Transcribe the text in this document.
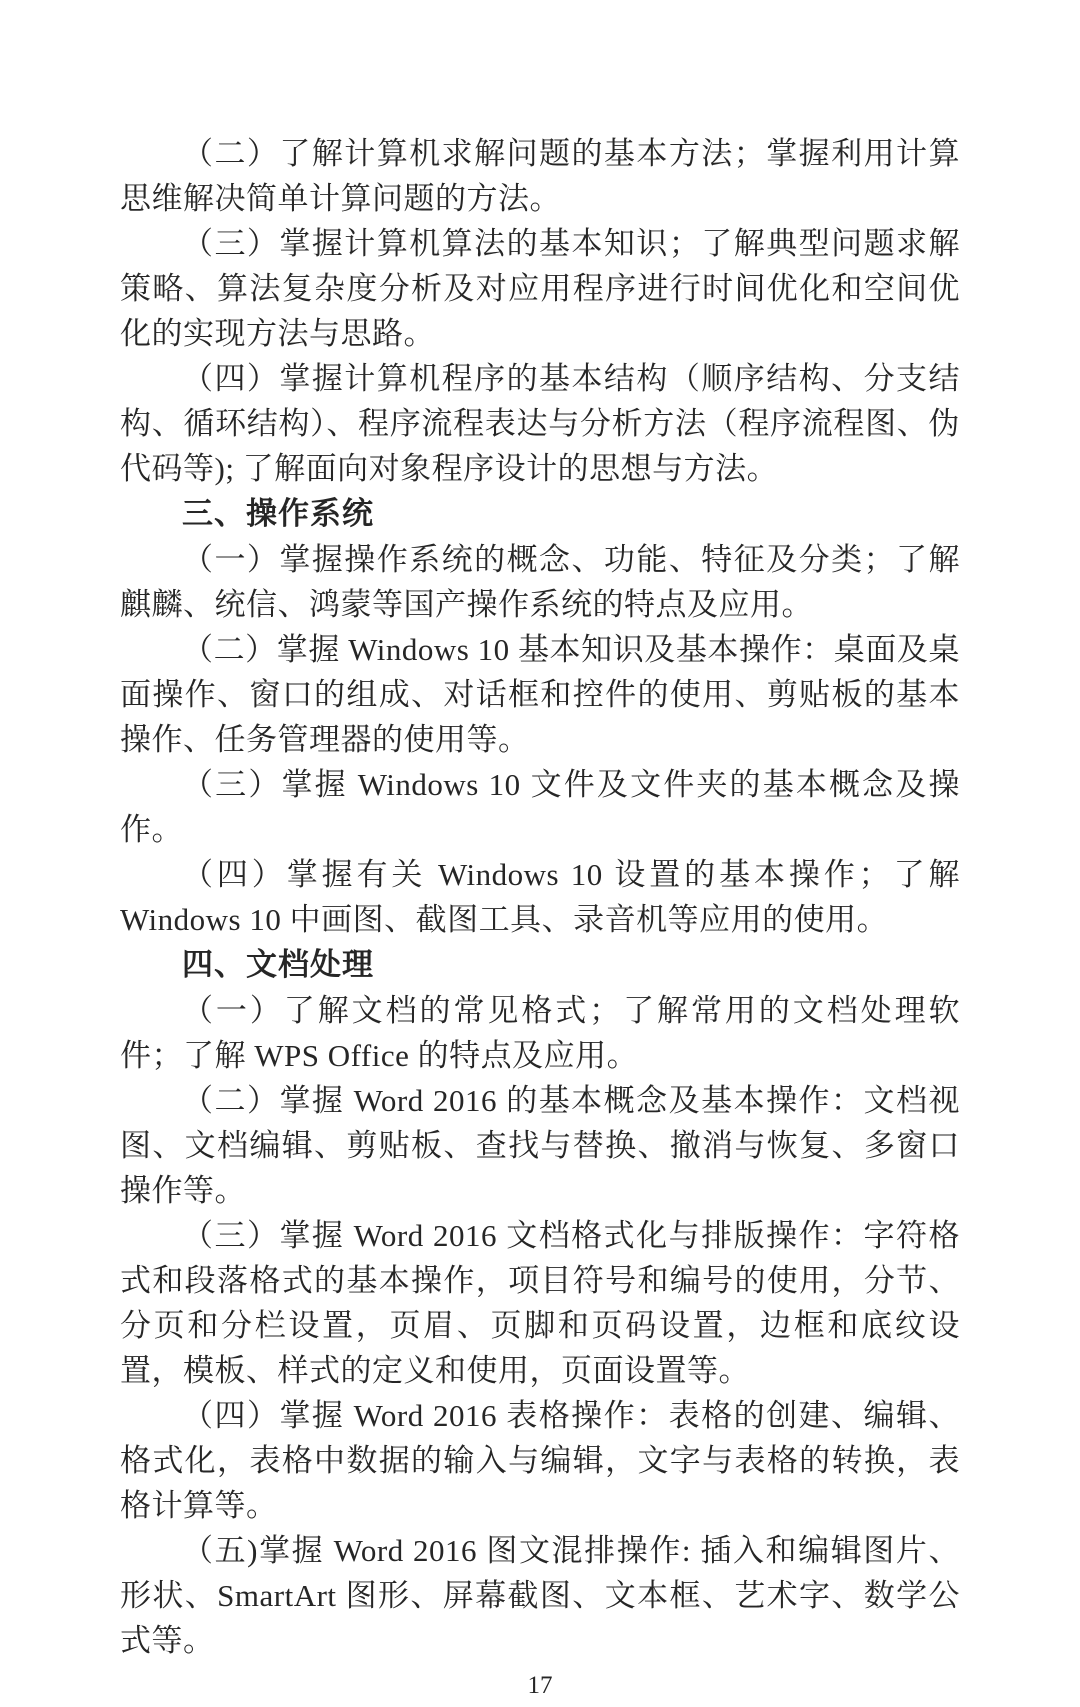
（二）了解计算机求解问题的基本方法；掌握利用计算思维解决简单计算问题的方法。

（三）掌握计算机算法的基本知识；了解典型问题求解策略、算法复杂度分析及对应用程序进行时间优化和空间优化的实现方法与思路。

（四）掌握计算机程序的基本结构（顺序结构、分支结构、循环结构）、程序流程表达与分析方法（程序流程图、伪代码等); 了解面向对象程序设计的思想与方法。

三、操作系统

（一）掌握操作系统的概念、功能、特征及分类；了解麒麟、统信、鸿蒙等国产操作系统的特点及应用。

（二）掌握 Windows 10 基本知识及基本操作：桌面及桌面操作、窗口的组成、对话框和控件的使用、剪贴板的基本操作、任务管理器的使用等。

（三）掌握 Windows 10 文件及文件夹的基本概念及操作。

（四）掌握有关 Windows 10 设置的基本操作；了解 Windows 10 中画图、截图工具、录音机等应用的使用。

四、文档处理

（一）了解文档的常见格式；了解常用的文档处理软件；了解 WPS Office 的特点及应用。

（二）掌握 Word 2016 的基本概念及基本操作：文档视图、文档编辑、剪贴板、查找与替换、撤消与恢复、多窗口操作等。

（三）掌握 Word 2016 文档格式化与排版操作：字符格式和段落格式的基本操作，项目符号和编号的使用，分节、分页和分栏设置，页眉、页脚和页码设置，边框和底纹设置，模板、样式的定义和使用，页面设置等。

（四）掌握 Word 2016 表格操作：表格的创建、编辑、格式化，表格中数据的输入与编辑，文字与表格的转换，表格计算等。

（五)掌握 Word 2016 图文混排操作: 插入和编辑图片、形状、SmartArt 图形、屏幕截图、文本框、艺术字、数学公式等。

17
